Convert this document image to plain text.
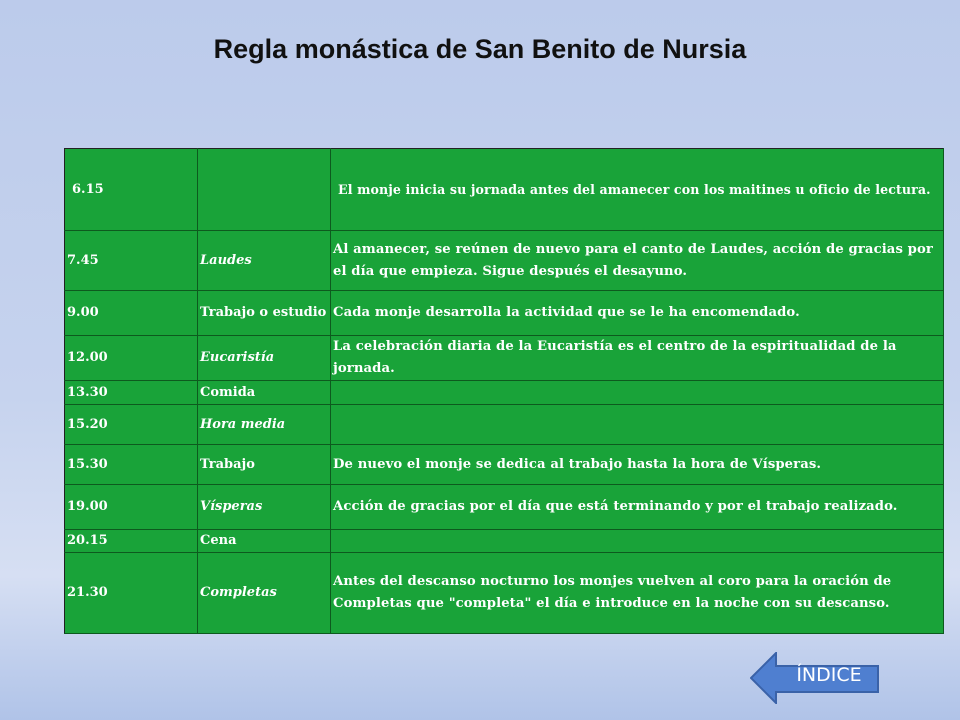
Regla monástica de San Benito de Nursia
6.15		El monje inicia su jornada antes del amanecer con los maitines u oficio de lectura.
7.45	Laudes	Al amanecer, se reúnen de nuevo para el canto de Laudes, acción de gracias por el día que empieza. Sigue después el desayuno.
9.00	Trabajo o estudio	Cada monje desarrolla la actividad que se le ha encomendado.
12.00	Eucaristía	La celebración diaria de la Eucaristía es el centro de la espiritualidad de la jornada.
13.30	Comida	
15.20	Hora media	
15.30	Trabajo	De nuevo el monje se dedica al trabajo hasta la hora de Vísperas.
19.00	Vísperas	Acción de gracias por el día que está terminando y por el trabajo realizado.
20.15	Cena	
21.30	Completas	Antes del descanso nocturno los monjes vuelven al coro para la oración de Completas que "completa" el día e introduce en la noche con su descanso.
ÍNDICE
